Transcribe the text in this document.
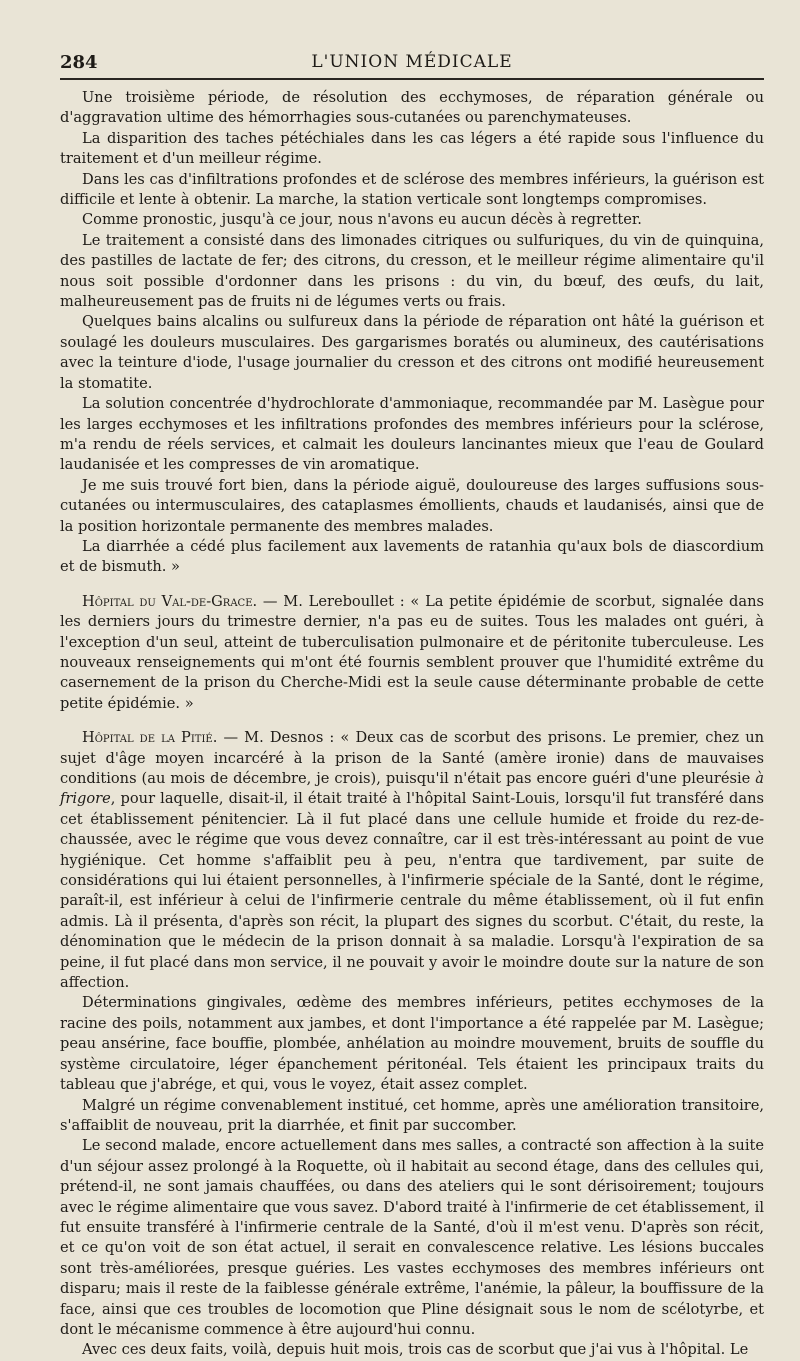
284	L'UNION MÉDICALE

Une troisième période, de résolution des ecchymoses, de réparation générale ou d'aggravation ultime des hémorrhagies sous-cutanées ou parenchymateuses.

La disparition des taches pétéchiales dans les cas légers a été rapide sous l'influence du traitement et d'un meilleur régime.

Dans les cas d'infiltrations profondes et de sclérose des membres inférieurs, la guérison est difficile et lente à obtenir. La marche, la station verticale sont longtemps compromises.

Comme pronostic, jusqu'à ce jour, nous n'avons eu aucun décès à regretter.

Le traitement a consisté dans des limonades citriques ou sulfuriques, du vin de quinquina, des pastilles de lactate de fer; des citrons, du cresson, et le meilleur régime alimentaire qu'il nous soit possible d'ordonner dans les prisons : du vin, du bœuf, des œufs, du lait, malheureusement pas de fruits ni de légumes verts ou frais.

Quelques bains alcalins ou sulfureux dans la période de réparation ont hâté la guérison et soulagé les douleurs musculaires. Des gargarismes boratés ou alumineux, des cautérisations avec la teinture d'iode, l'usage journalier du cresson et des citrons ont modifié heureusement la stomatite.

La solution concentrée d'hydrochlorate d'ammoniaque, recommandée par M. Lasègue pour les larges ecchymoses et les infiltrations profondes des membres inférieurs pour la sclérose, m'a rendu de réels services, et calmait les douleurs lancinantes mieux que l'eau de Goulard laudanisée et les compresses de vin aromatique.

Je me suis trouvé fort bien, dans la période aiguë, douloureuse des larges suffusions sous-cutanées ou intermusculaires, des cataplasmes émollients, chauds et laudanisés, ainsi que de la position horizontale permanente des membres malades.

La diarrhée a cédé plus facilement aux lavements de ratanhia qu'aux bols de diascordium et de bismuth. »

Hôpital du Val-de-Grace. — M. Lereboullet : « La petite épidémie de scorbut, signalée dans les derniers jours du trimestre dernier, n'a pas eu de suites. Tous les malades ont guéri, à l'exception d'un seul, atteint de tuberculisation pulmonaire et de péritonite tuberculeuse. Les nouveaux renseignements qui m'ont été fournis semblent prouver que l'humidité extrême du casernement de la prison du Cherche-Midi est la seule cause déterminante probable de cette petite épidémie. »

Hôpital de la Pitié. — M. Desnos : « Deux cas de scorbut des prisons. Le premier, chez un sujet d'âge moyen incarcéré à la prison de la Santé (amère ironie) dans de mauvaises conditions (au mois de décembre, je crois), puisqu'il n'était pas encore guéri d'une pleurésie à frigore, pour laquelle, disait-il, il était traité à l'hôpital Saint-Louis, lorsqu'il fut transféré dans cet établissement pénitencier. Là il fut placé dans une cellule humide et froide du rez-de-chaussée, avec le régime que vous devez connaître, car il est très-intéressant au point de vue hygiénique. Cet homme s'affaiblit peu à peu, n'entra que tardivement, par suite de considérations qui lui étaient personnelles, à l'infirmerie spéciale de la Santé, dont le régime, paraît-il, est inférieur à celui de l'infirmerie centrale du même établissement, où il fut enfin admis. Là il présenta, d'après son récit, la plupart des signes du scorbut. C'était, du reste, la dénomination que le médecin de la prison donnait à sa maladie. Lorsqu'à l'expiration de sa peine, il fut placé dans mon service, il ne pouvait y avoir le moindre doute sur la nature de son affection.

Déterminations gingivales, œdème des membres inférieurs, petites ecchymoses de la racine des poils, notamment aux jambes, et dont l'importance a été rappelée par M. Lasègue; peau ansérine, face bouffie, plombée, anhélation au moindre mouvement, bruits de souffle du système circulatoire, léger épanchement péritonéal. Tels étaient les principaux traits du tableau que j'abrége, et qui, vous le voyez, était assez complet.

Malgré un régime convenablement institué, cet homme, après une amélioration transitoire, s'affaiblit de nouveau, prit la diarrhée, et finit par succomber.

Le second malade, encore actuellement dans mes salles, a contracté son affection à la suite d'un séjour assez prolongé à la Roquette, où il habitait au second étage, dans des cellules qui, prétend-il, ne sont jamais chauffées, ou dans des ateliers qui le sont dérisoirement; toujours avec le régime alimentaire que vous savez. D'abord traité à l'infirmerie de cet établissement, il fut ensuite transféré à l'infirmerie centrale de la Santé, d'où il m'est venu. D'après son récit, et ce qu'on voit de son état actuel, il serait en convalescence relative. Les lésions buccales sont très-améliorées, presque guéries. Les vastes ecchymoses des membres inférieurs ont disparu; mais il reste de la faiblesse générale extrême, l'anémie, la pâleur, la bouffissure de la face, ainsi que ces troubles de locomotion que Pline désignait sous le nom de scélotyrbe, et dont le mécanisme commence à être aujourd'hui connu.

Avec ces deux faits, voilà, depuis huit mois, trois cas de scorbut que j'ai vus à l'hôpital. Le
